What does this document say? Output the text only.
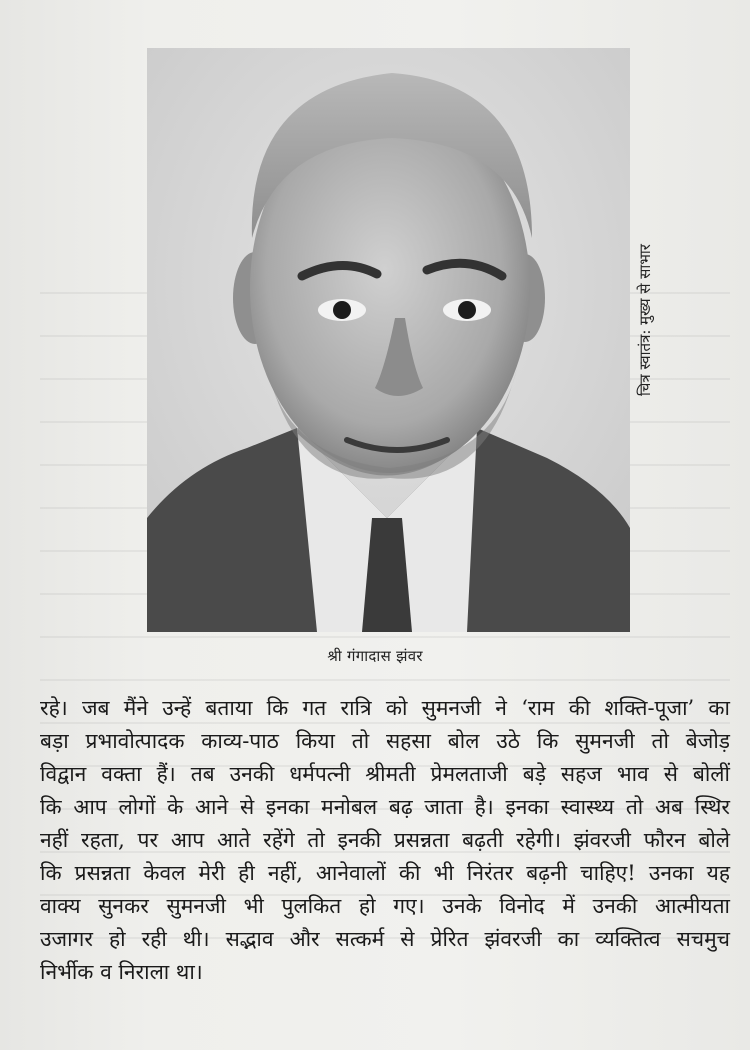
चित्र स्वातंत्र: मुख्य से साभार
श्री गंगादास झंवर
रहे। जब मैंने उन्हें बताया कि गत रात्रि को सुमनजी ने ‘राम की शक्ति-पूजा’ का
बड़ा प्रभावोत्पादक काव्य-पाठ किया तो सहसा बोल उठे कि सुमनजी तो बेजोड़
विद्वान वक्ता हैं। तब उनकी धर्मपत्नी श्रीमती प्रेमलताजी बड़े सहज भाव से बोलीं
कि आप लोगों के आने से इनका मनोबल बढ़ जाता है। इनका स्वास्थ्य तो अब स्थिर
नहीं रहता, पर आप आते रहेंगे तो इनकी प्रसन्नता बढ़ती रहेगी। झंवरजी फौरन बोले
कि प्रसन्नता केवल मेरी ही नहीं, आनेवालों की भी निरंतर बढ़नी चाहिए! उनका यह
वाक्य सुनकर सुमनजी भी पुलकित हो गए। उनके विनोद में उनकी आत्मीयता
उजागर हो रही थी। सद्भाव और सत्कर्म से प्रेरित झंवरजी का व्यक्तित्व सचमुच
निर्भीक व निराला था।
